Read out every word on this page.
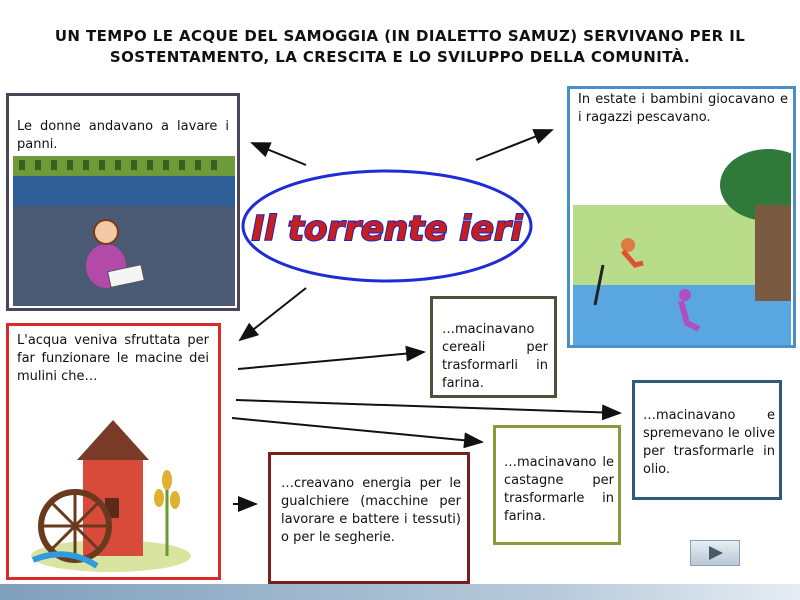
UN TEMPO LE ACQUE DEL SAMOGGIA (IN DIALETTO SAMUZ) SERVIVANO PER IL
SOSTENTAMENTO, LA CRESCITA E LO SVILUPPO DELLA COMUNITÀ.
Le donne andavano a lavare i panni.
In estate i bambini giocavano e i ragazzi pescavano.
Il torrente ieri
L'acqua veniva sfruttata per far funzionare le macine dei mulini che…
…macinavano cereali per trasformarli in farina.
…macinavano e spremevano le olive per trasformarle in olio.
…macinavano le castagne per trasformarle in farina.
…creavano energia per le gualchiere (macchine per lavorare e battere i tessuti) o per le segherie.
